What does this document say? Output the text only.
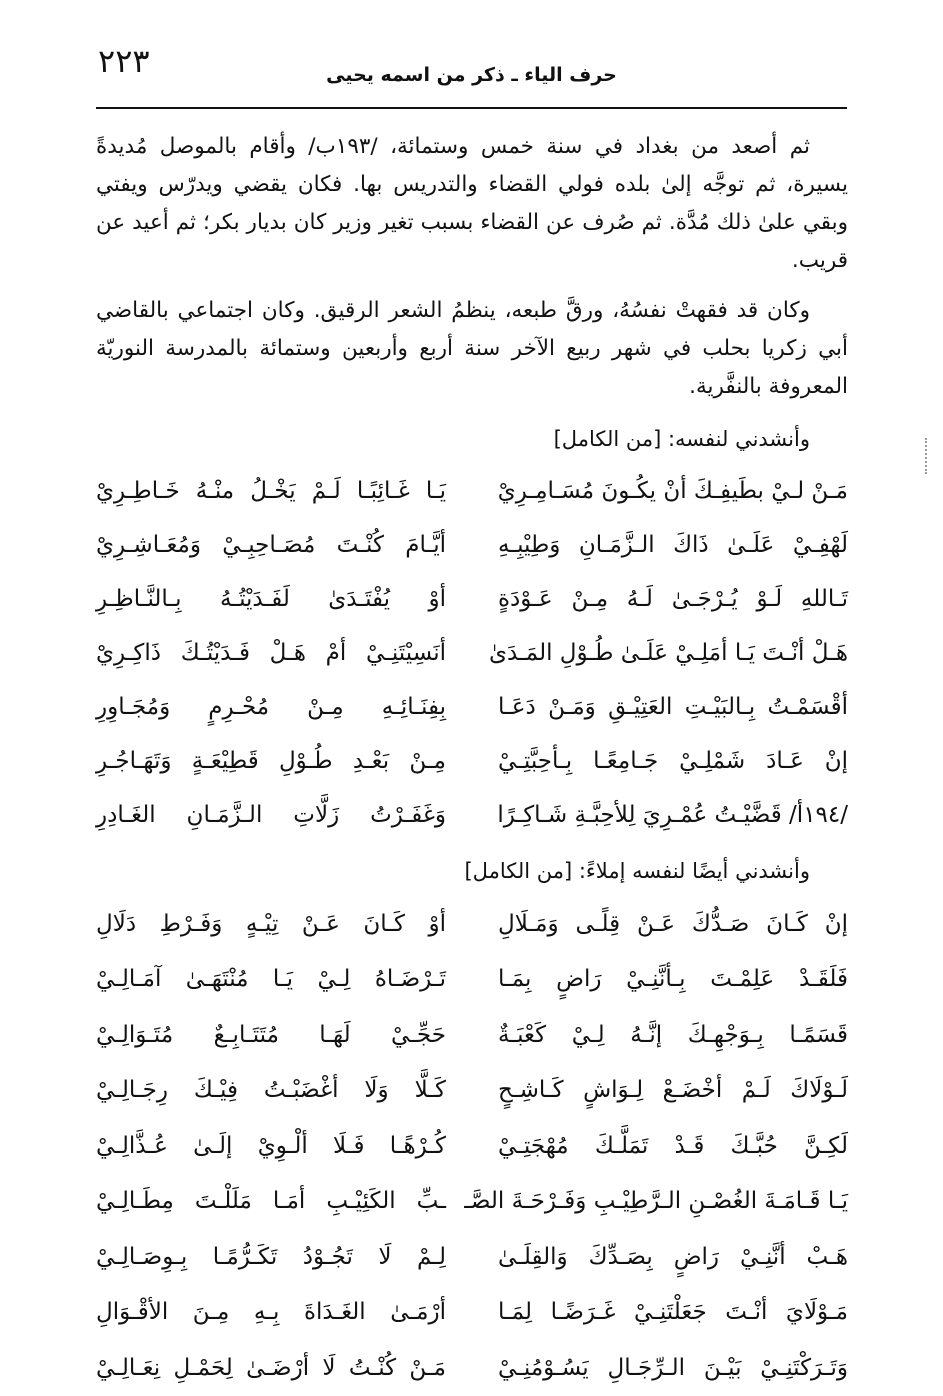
٢٢٣	حرف الياء ـ ذكر من اسمه يحيى

ثم أصعد من بغداد في سنة خمس وستمائة، /١٩٣ب/ وأقام بالموصل مُديدةً يسيرة، ثم توجَّه إلىٰ بلده فولي القضاء والتدريس بها. فكان يقضي ويدرّس ويفتي وبقي علىٰ ذلك مُدَّة. ثم صُرف عن القضاء بسبب تغير وزير كان بديار بكر؛ ثم أعيد عن قريب.

وكان قد فقهتْ نفسُهُ، ورقَّ طبعه، ينظمُ الشعر الرقيق. وكان اجتماعي بالقاضي أبي زكريا بحلب في شهر ربيع الآخر سنة أربع وأربعين وستمائة بالمدرسة النوريّة المعروفة بالنفَّرية.

وأنشدني لنفسه: [من الكامل]
مَـنْ لـيْ بطَيفِـكَ أنْ يكُـونَ مُسَـامِـرِيْ
يَـا غَـائِبًـا لَـمْ يَخْـلُ منْـهُ خَـاطِـرِيْ
لَهْفِـيْ عَلَـىٰ ذَاكَ الـزَّمَـانِ وَطِيْبِـهِ
أيَّـامَ كُنْـتَ مُصَـاحِبِـيْ وَمُعَـاشِـرِيْ
تَـاللهِ لَـوْ يُـرْجَـىٰ لَـهُ مِـنْ عَـوْدَةٍ
أوْ يُفْتَـدَىٰ لَفَـدَيْتُـهُ بِـالنَّـاظِـرِ
هَـلْ أنْـتَ يَـا أمَلِـيْ عَلَـىٰ طُـوْلِ المَـدَىٰ
أنَسِيْتَنِـيْ أمْ هَـلْ فَـدَيْتُـكَ ذَاكِـرِيْ
أقْسَمْـتُ بِـالبَيْـتِ العَتِيْـقِ وَمَـنْ دَعَـا
بِفِنَـائِـهِ مِـنْ مُحْـرِمٍ وَمُجَـاوِرِ
إنْ عَـادَ شَمْلِـيْ جَـامِعًـا بِـأحِبَّتِـيْ
مِـنْ بَعْـدِ طُـوْلِ قَطِيْعَـةٍ وَتَهَـاجُـرِ
/١٩٤أ/ قَضَّيْـتُ عُمْـرِيَ لِلأحِبَّـةِ شَـاكِـرًا
وَغَفَـرْتُ زَلَّاتِ الـزَّمَـانِ الغَـادِرِ
وأنشدني أيضًا لنفسه إملاءً: [من الكامل]
إنْ كَـانَ صَـدُّكَ عَـنْ قِلًـى وَمَـلَالِ
أوْ كَـانَ عَـنْ تِيْـهٍ وَفَـرْطِ دَلَالِ
فَلَقَـدْ عَلِمْـتَ بِـأنَّنِـيْ رَاضٍ بِمَـا
تَـرْضَـاهُ لِـيْ يَـا مُنْتَهَـىٰ آمَـالِـيْ
قَسَمًـا بِـوَجْهِـكَ إنَّـهُ لِـيْ كَعْبَـةٌ
حَجِّـيْ لَهَـا مُتَتَـابِـعٌ مُتَـوَالِـيْ
لَـوْلَاكَ لَـمْ أخْضَـعْ لِـوَاشٍ كَـاشِـحٍ
كَـلَّا وَلَا أغْضَبْـتُ فِيْـكَ رِجَـالِـيْ
لَكِـنَّ حُبَّـكَ قَـدْ تَمَلَّـكَ مُهْجَتِـيْ
كُـرْهًـا فَـلَا ألْـوِيْ إلَـىٰ عُـذَّالِـيْ
يَـا قَـامَـةَ الغُصْـنِ الـرَّطِيْـبِ وَفَـرْحَـةَ الصَّـ
ـبِّ الكَئِيْـبِ أمَـا مَلَلْـتَ مِطَـالِـيْ
هَـبْ أنَّنِـيْ رَاضٍ بِصَـدِّكَ وَالقِلَـىٰ
لِـمْ لَا تَجُـوْدُ تَكَـرُّمًـا بِـوِصَـالِـيْ
مَـوْلَايَ أنْـتَ جَعَلْتَنِـيْ غَـرَضًـا لِمَـا
أرْمَـىٰ الغَـدَاةَ بِـهِ مِـنَ الأقْـوَالِ
وَتَـرَكْتَنِـيْ بَيْـنَ الـرِّجَـالِ يَسُـوْمُنِـيْ
مَـنْ كُنْـتُ لَا أرْضَـىٰ لِحَمْـلِ نِعَـالِـيْ
